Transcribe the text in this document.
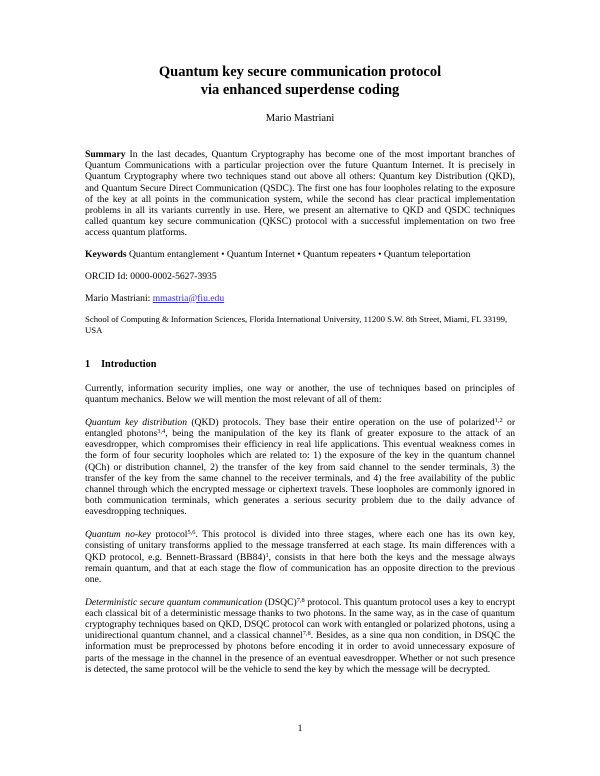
Quantum key secure communication protocol
via enhanced superdense coding
Mario Mastriani

Summary In the last decades, Quantum Cryptography has become one of the most important branches of Quantum Communications with a particular projection over the future Quantum Internet. It is precisely in Quantum Cryptography where two techniques stand out above all others: Quantum key Distribution (QKD), and Quantum Secure Direct Communication (QSDC). The first one has four loopholes relating to the exposure of the key at all points in the communication system, while the second has clear practical implementation problems in all its variants currently in use. Here, we present an alternative to QKD and QSDC techniques called quantum key secure communication (QKSC) protocol with a successful implementation on two free access quantum platforms.

Keywords Quantum entanglement • Quantum Internet • Quantum repeaters • Quantum teleportation

ORCID Id: 0000-0002-5627-3935

Mario Mastriani: mmastria@fiu.edu

School of Computing & Information Sciences, Florida International University, 11200 S.W. 8th Street, Miami, FL 33199, USA

1 Introduction

Currently, information security implies, one way or another, the use of techniques based on principles of quantum mechanics. Below we will mention the most relevant of all of them:

Quantum key distribution (QKD) protocols. They base their entire operation on the use of polarized$^{1,2}$ or entangled photons$^{3,4}$, being the manipulation of the key its flank of greater exposure to the attack of an eavesdropper, which compromises their efficiency in real life applications. This eventual weakness comes in the form of four security loopholes which are related to: 1) the exposure of the key in the quantum channel (QCh) or distribution channel, 2) the transfer of the key from said channel to the sender terminals, 3) the transfer of the key from the same channel to the receiver terminals, and 4) the free availability of the public channel through which the encrypted message or ciphertext travels. These loopholes are commonly ignored in both communication terminals, which generates a serious security problem due to the daily advance of eavesdropping techniques.

Quantum no-key protocol$^{5,6}$. This protocol is divided into three stages, where each one has its own key, consisting of unitary transforms applied to the message transferred at each stage. Its main differences with a QKD protocol, e.g. Bennett-Brassard $(BB84)^1$, consists in that here both the keys and the message always remain quantum, and that at each stage the flow of communication has an opposite direction to the previous one.

Deterministic secure quantum communication (DSQC)$^{7,8}$ protocol. This quantum protocol uses a key to encrypt each classical bit of a deterministic message thanks to two photons. In the same way, as in the case of quantum cryptography techniques based on QKD, DSQC protocol can work with entangled or polarized photons, using a unidirectional quantum channel, and a classical channel$^{7,8}$. Besides, as a sine qua non condition, in DSQC the information must be preprocessed by photons before encoding it in order to avoid unnecessary exposure of parts of the message in the channel in the presence of an eventual eavesdropper. Whether or not such presence is detected, the same protocol will be the vehicle to send the key by which the message will be decrypted.

1
